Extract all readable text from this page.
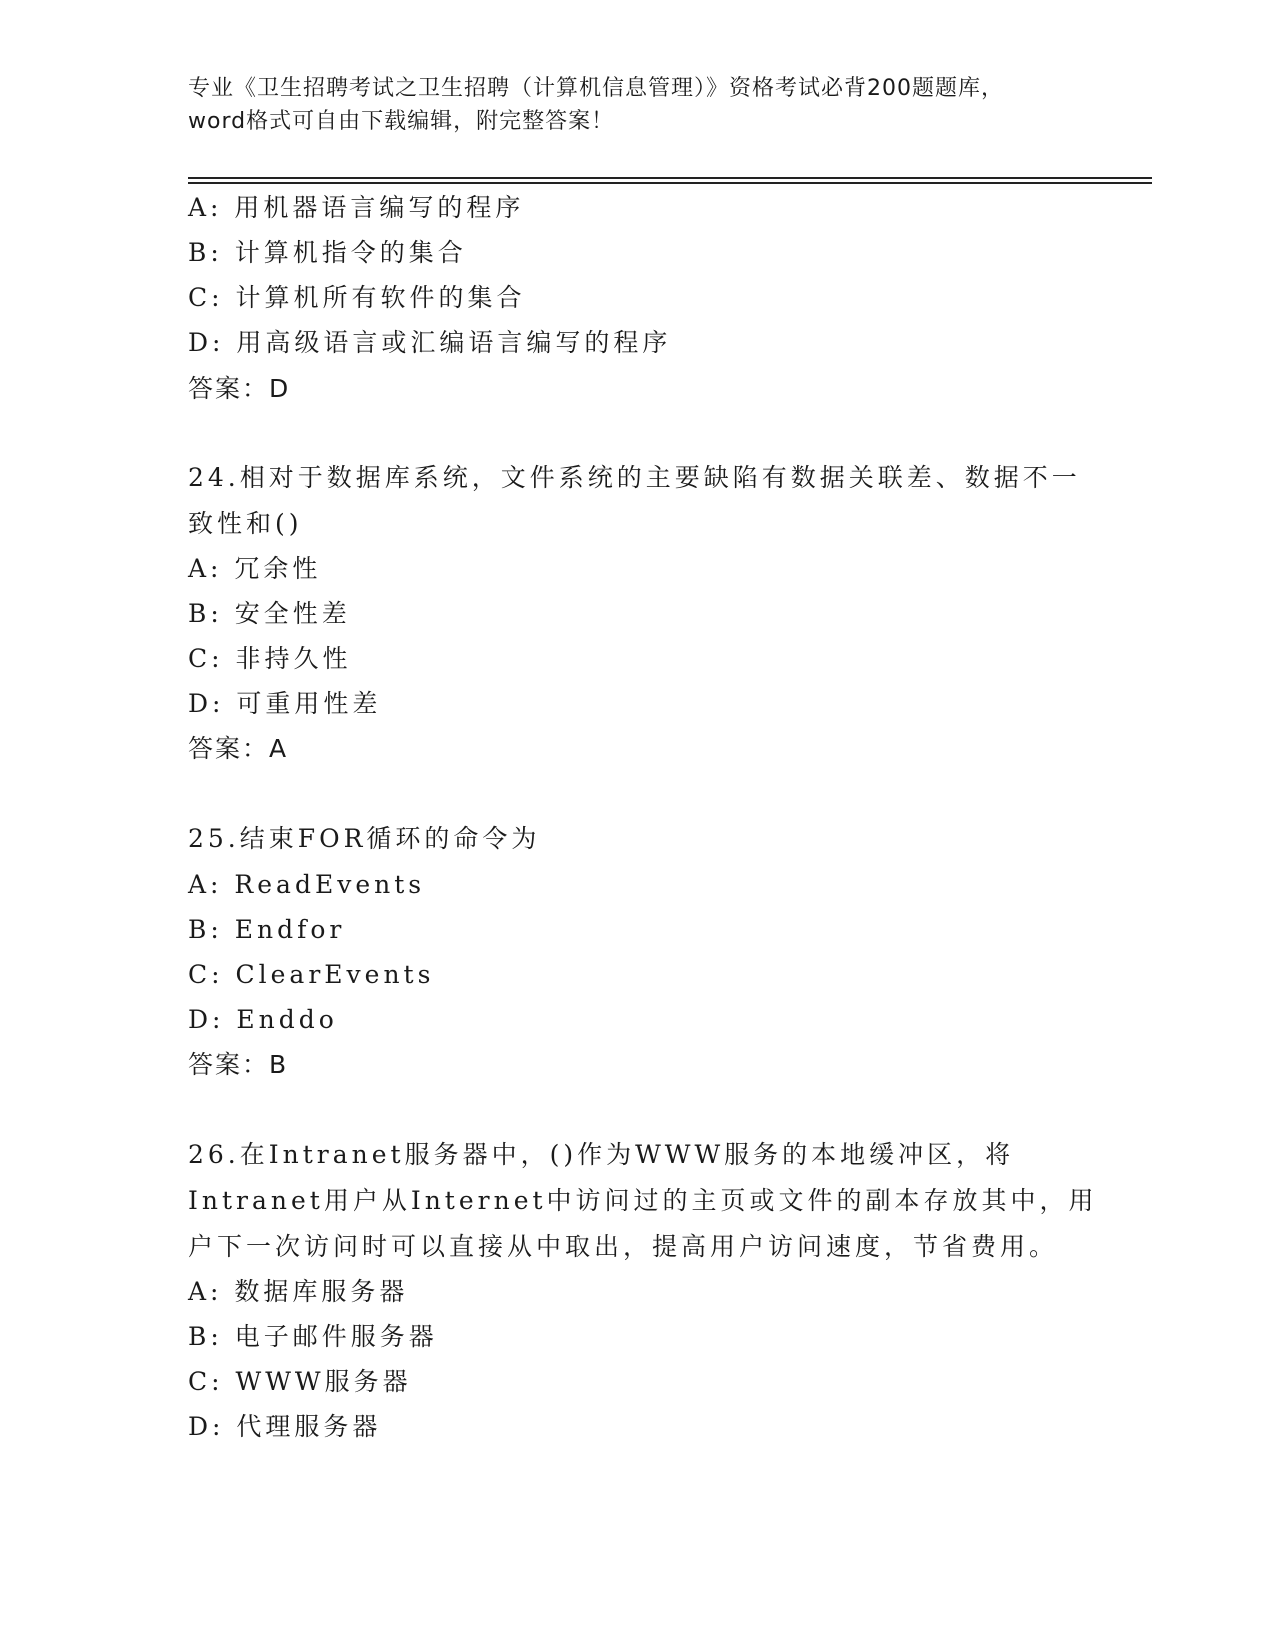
专业《卫生招聘考试之卫生招聘（计算机信息管理）》资格考试必背200题题库，
word格式可自由下载编辑，附完整答案！
A: 用机器语言编写的程序
B: 计算机指令的集合
C: 计算机所有软件的集合
D: 用高级语言或汇编语言编写的程序
答案：D
24.相对于数据库系统，文件系统的主要缺陷有数据关联差、数据不一
致性和()
A: 冗余性
B: 安全性差
C: 非持久性
D: 可重用性差
答案：A
25.结束FOR循环的命令为
A: ReadEvents
B: Endfor
C: ClearEvents
D: Enddo
答案：B
26.在Intranet服务器中，()作为WWW服务的本地缓冲区，将
Intranet用户从Internet中访问过的主页或文件的副本存放其中，用
户下一次访问时可以直接从中取出，提高用户访问速度，节省费用。
A: 数据库服务器
B: 电子邮件服务器
C: WWW服务器
D: 代理服务器
